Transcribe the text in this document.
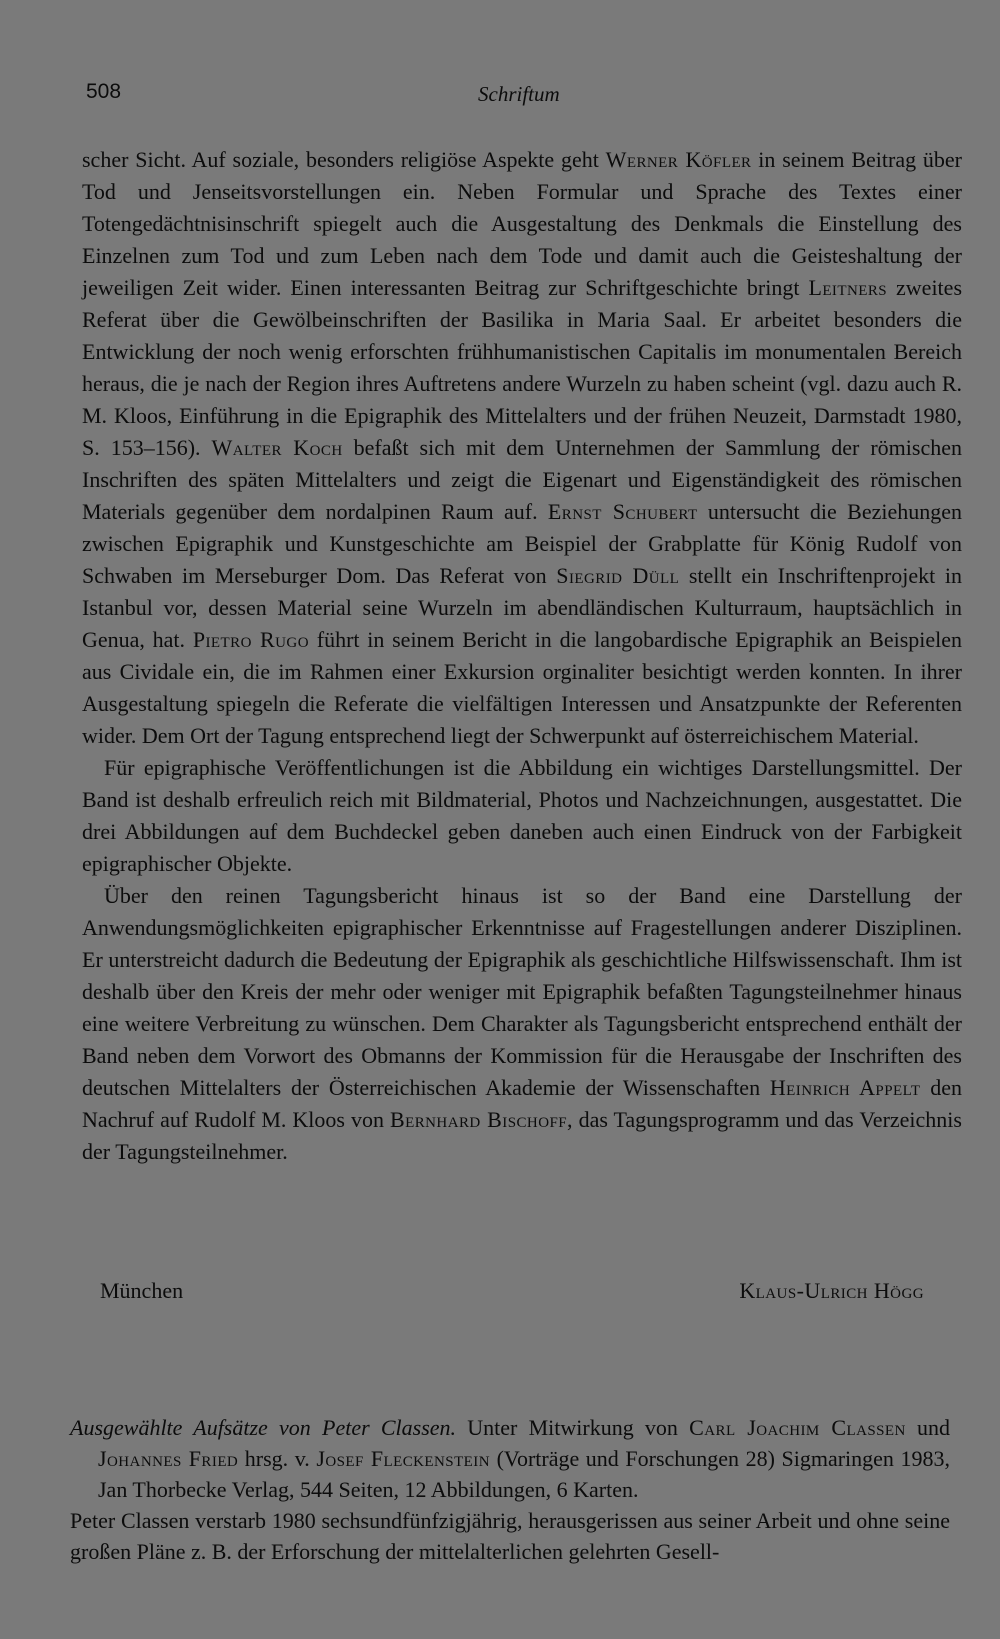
508	Schriftum

scher Sicht. Auf soziale, besonders religiöse Aspekte geht Werner Köfler in seinem Beitrag über Tod und Jenseitsvorstellungen ein. Neben Formular und Sprache des Textes einer Totengedächtnisinschrift spiegelt auch die Ausgestaltung des Denkmals die Einstellung des Einzelnen zum Tod und zum Leben nach dem Tode und damit auch die Geisteshaltung der jeweiligen Zeit wider. Einen interessanten Beitrag zur Schriftgeschichte bringt Leitners zweites Referat über die Gewölbeinschriften der Basilika in Maria Saal. Er arbeitet besonders die Entwicklung der noch wenig erforschten frühhumanistischen Capitalis im monumentalen Bereich heraus, die je nach der Region ihres Auftretens andere Wurzeln zu haben scheint (vgl. dazu auch R. M. Kloos, Einführung in die Epigraphik des Mittelalters und der frühen Neuzeit, Darmstadt 1980, S. 153–156). Walter Koch befaßt sich mit dem Unternehmen der Sammlung der römischen Inschriften des späten Mittelalters und zeigt die Eigenart und Eigenständigkeit des römischen Materials gegenüber dem nordalpinen Raum auf. Ernst Schubert untersucht die Beziehungen zwischen Epigraphik und Kunstgeschichte am Beispiel der Grabplatte für König Rudolf von Schwaben im Merseburger Dom. Das Referat von Siegrid Düll stellt ein Inschriftenprojekt in Istanbul vor, dessen Material seine Wurzeln im abendländischen Kulturraum, hauptsächlich in Genua, hat. Pietro Rugo führt in seinem Bericht in die langobardische Epigraphik an Beispielen aus Cividale ein, die im Rahmen einer Exkursion orginaliter besichtigt werden konnten. In ihrer Ausgestaltung spiegeln die Referate die vielfältigen Interessen und Ansatzpunkte der Referenten wider. Dem Ort der Tagung entsprechend liegt der Schwerpunkt auf österreichischem Material.

Für epigraphische Veröffentlichungen ist die Abbildung ein wichtiges Darstellungsmittel. Der Band ist deshalb erfreulich reich mit Bildmaterial, Photos und Nachzeichnungen, ausgestattet. Die drei Abbildungen auf dem Buchdeckel geben daneben auch einen Eindruck von der Farbigkeit epigraphischer Objekte.

Über den reinen Tagungsbericht hinaus ist so der Band eine Darstellung der Anwendungsmöglichkeiten epigraphischer Erkenntnisse auf Fragestellungen anderer Disziplinen. Er unterstreicht dadurch die Bedeutung der Epigraphik als geschichtliche Hilfswissenschaft. Ihm ist deshalb über den Kreis der mehr oder weniger mit Epigraphik befaßten Tagungsteilnehmer hinaus eine weitere Verbreitung zu wünschen. Dem Charakter als Tagungsbericht entsprechend enthält der Band neben dem Vorwort des Obmanns der Kommission für die Herausgabe der Inschriften des deutschen Mittelalters der Österreichischen Akademie der Wissenschaften Heinrich Appelt den Nachruf auf Rudolf M. Kloos von Bernhard Bischoff, das Tagungsprogramm und das Verzeichnis der Tagungsteilnehmer.

München	Klaus-Ulrich Högg

Ausgewählte Aufsätze von Peter Classen. Unter Mitwirkung von Carl Joachim Classen und Johannes Fried hrsg. v. Josef Fleckenstein (Vorträge und Forschungen 28) Sigmaringen 1983, Jan Thorbecke Verlag, 544 Seiten, 12 Abbildungen, 6 Karten.

Peter Classen verstarb 1980 sechsundfünfzigjährig, herausgerissen aus seiner Arbeit und ohne seine großen Pläne z. B. der Erforschung der mittelalterlichen gelehrten Gesell-
